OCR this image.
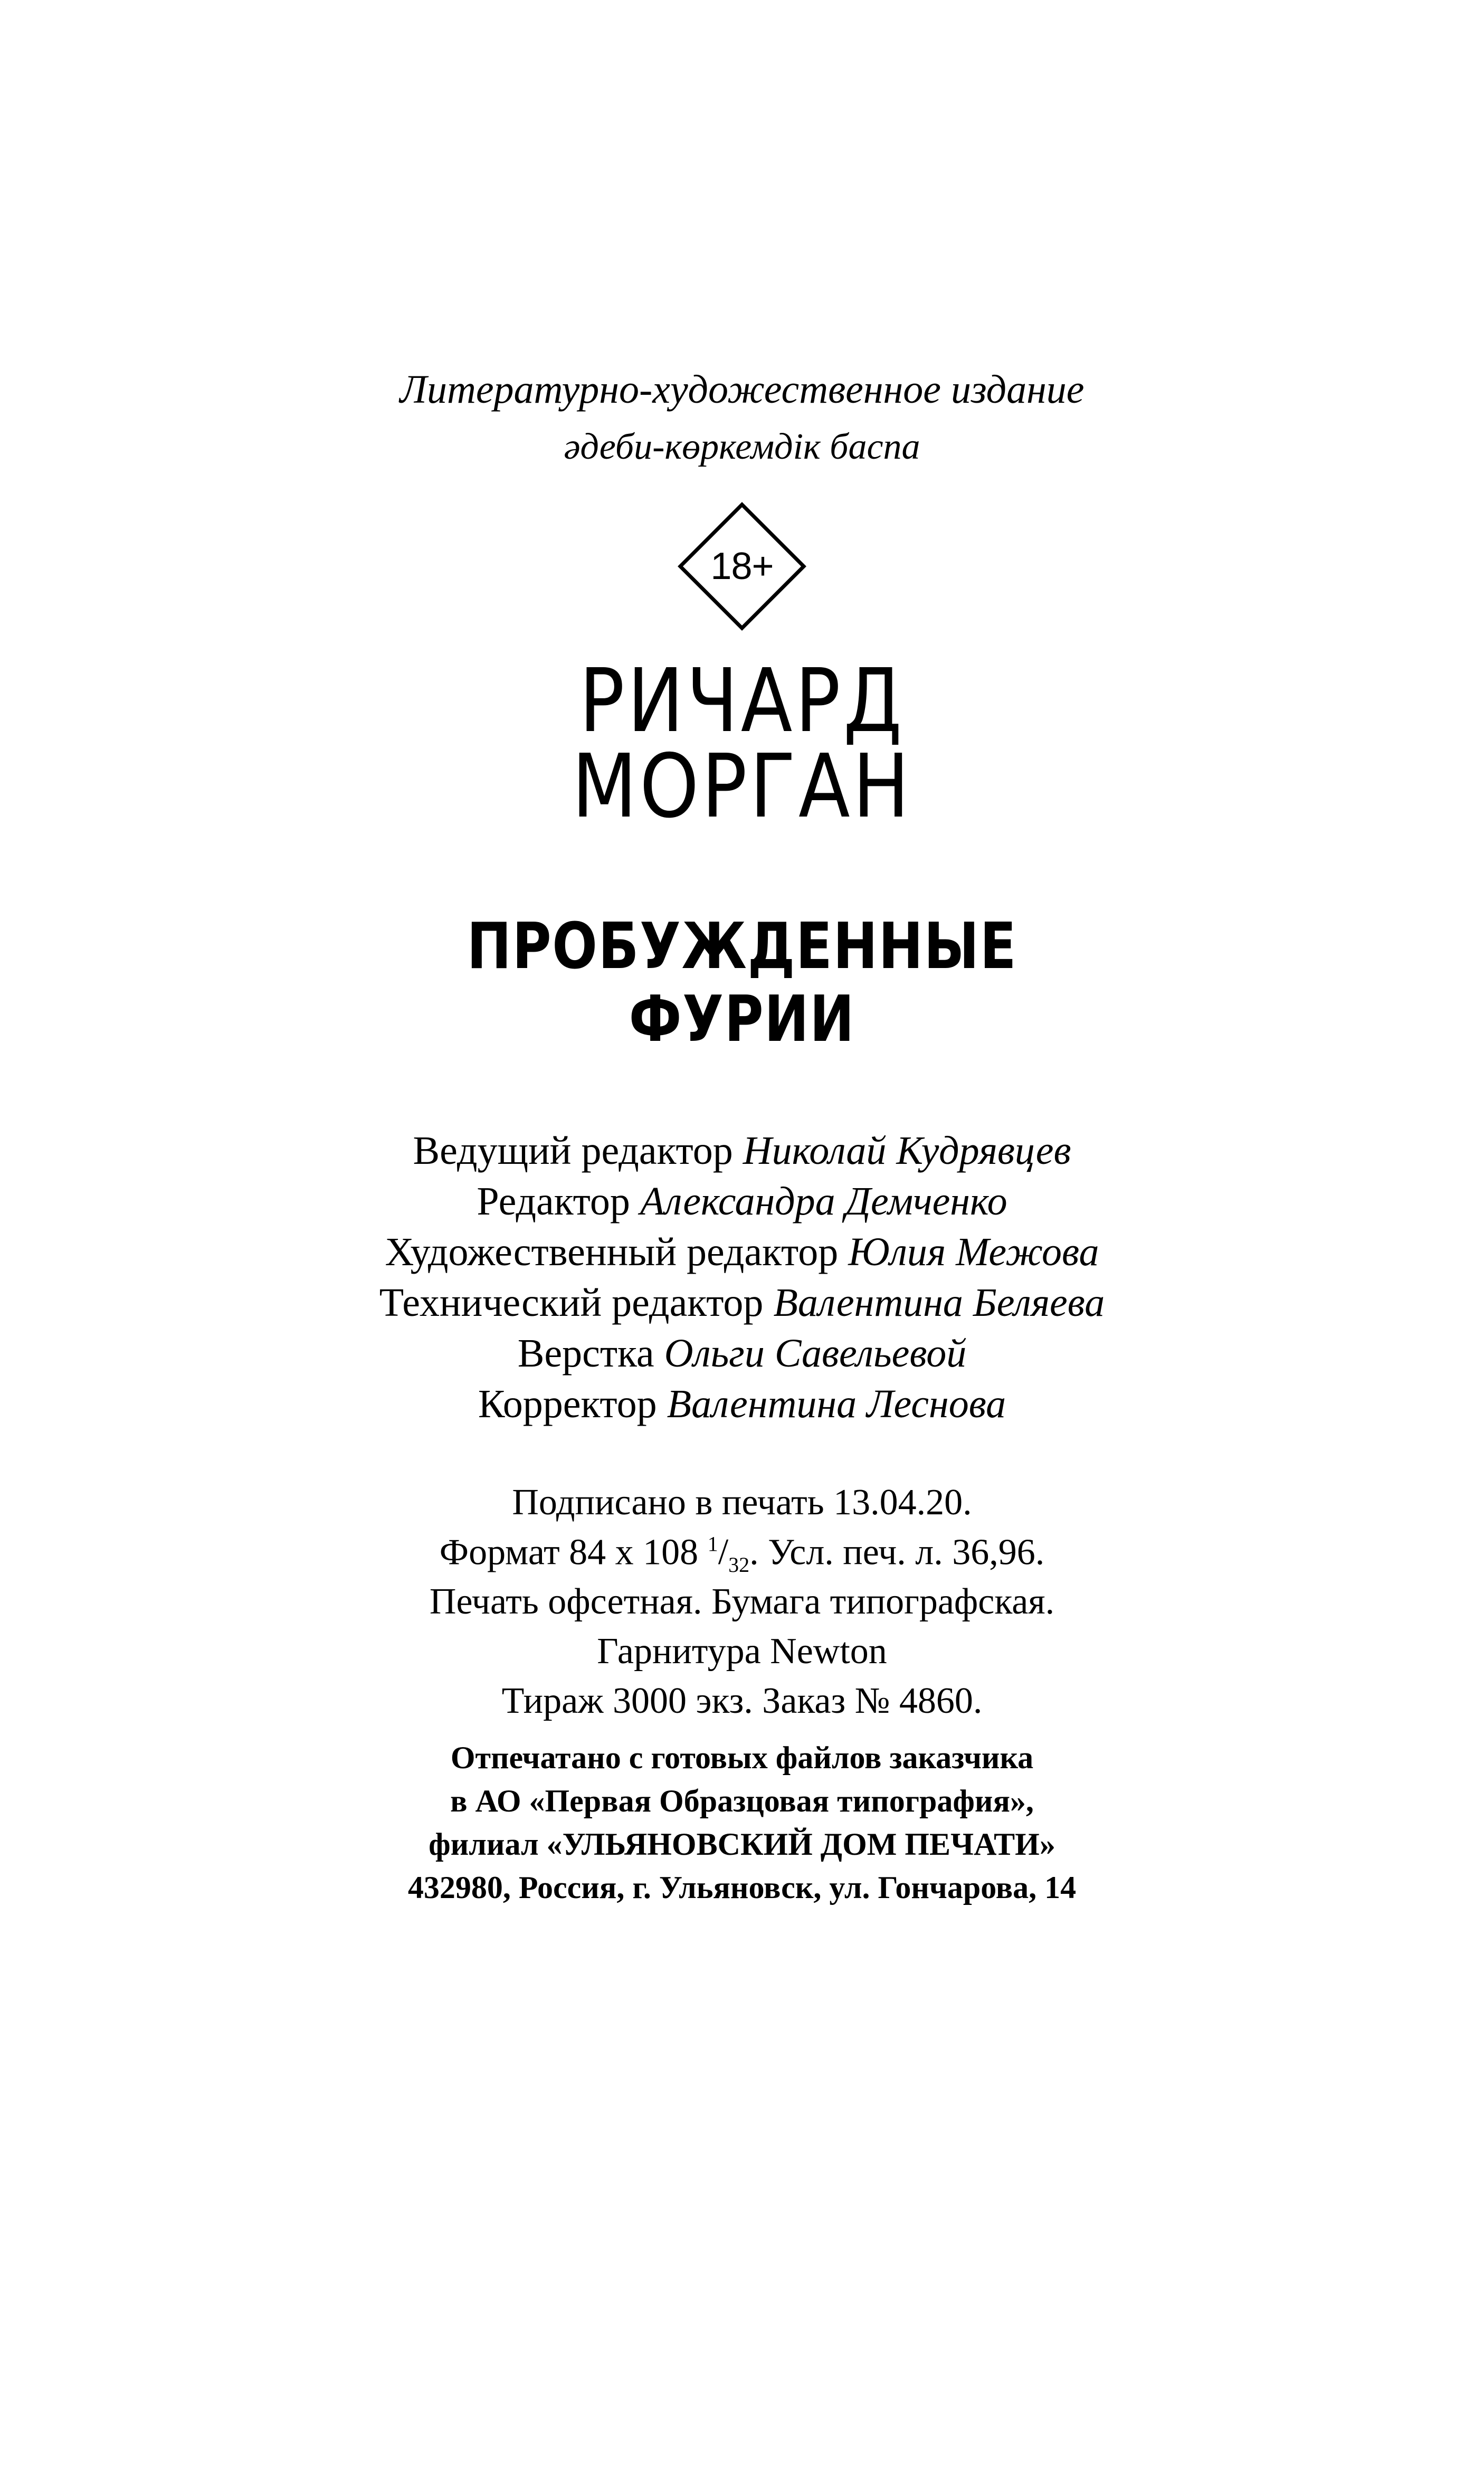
Литературно-художественное издание
әдеби-көркемдік баспа
18+
РИЧАРД
МОРГАН
ПРОБУЖДЕННЫЕ
ФУРИИ
Ведущий редактор Николай Кудрявцев
Редактор Александра Демченко
Художественный редактор Юлия Межова
Технический редактор Валентина Беляева
Верстка Ольги Савельевой
Корректор Валентина Леснова
Подписано в печать 13.04.20.
Формат 84 x 108 $^1/_{32}$. Усл. печ. л. 36,96.
Печать офсетная. Бумага типографская.
Гарнитура Newton
Тираж 3000 экз. Заказ № 4860.
Отпечатано с готовых файлов заказчика
в АО «Первая Образцовая типография»,
филиал «УЛЬЯНОВСКИЙ ДОМ ПЕЧАТИ»
432980, Россия, г. Ульяновск, ул. Гончарова, 14
